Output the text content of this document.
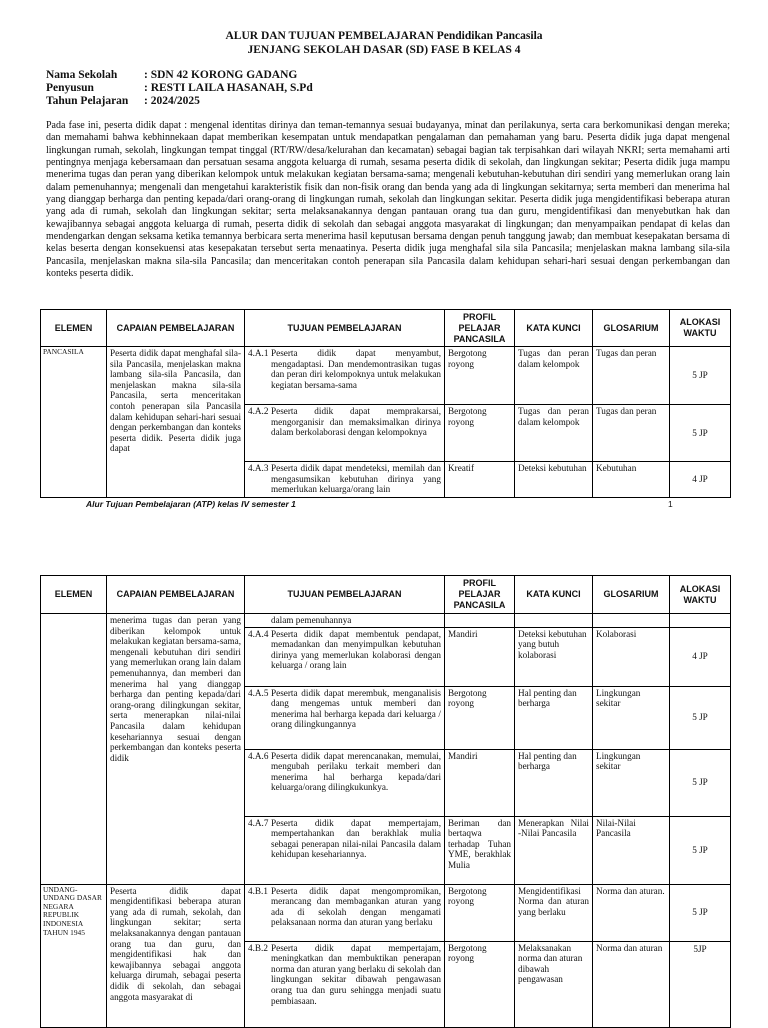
ALUR DAN TUJUAN PEMBELAJARAN Pendidikan Pancasila
JENJANG SEKOLAH DASAR (SD) FASE B KELAS 4
Nama Sekolah : SDN 42 KORONG GADANG
Penyusun	: RESTI LAILA HASANAH, S.Pd
Tahun Pelajaran : 2024/2025
Pada fase ini, peserta didik dapat : mengenal identitas dirinya dan teman-temannya sesuai budayanya, minat dan perilakunya, serta cara berkomunikasi dengan mereka; dan memahami bahwa kebhinnekaan dapat memberikan kesempatan untuk mendapatkan pengalaman dan pemahaman yang baru. Peserta didik juga dapat mengenal lingkungan rumah, sekolah, lingkungan tempat tinggal (RT/RW/desa/kelurahan dan kecamatan) sebagai bagian tak terpisahkan dari wilayah NKRI; serta memahami arti pentingnya menjaga kebersamaan dan persatuan sesama anggota keluarga di rumah, sesama peserta didik di sekolah, dan lingkungan sekitar; Peserta didik juga mampu menerima tugas dan peran yang diberikan kelompok untuk melakukan kegiatan bersama-sama; mengenali kebutuhan-kebutuhan diri sendiri yang memerlukan orang lain dalam pemenuhannya; mengenali dan mengetahui karakteristik fisik dan non-fisik orang dan benda yang ada di lingkungan sekitarnya; serta memberi dan menerima hal yang dianggap berharga dan penting kepada/dari orang-orang di lingkungan rumah, sekolah dan lingkungan sekitar. Peserta didik juga mengidentifikasi beberapa aturan yang ada di rumah, sekolah dan lingkungan sekitar; serta melaksanakannya dengan pantauan orang tua dan guru, mengidentifikasi dan menyebutkan hak dan kewajibannya sebagai anggota keluarga di rumah, peserta didik di sekolah dan sebagai anggota masyarakat di lingkungan; dan menyampaikan pendapat di kelas dan mendengarkan dengan seksama ketika temannya berbicara serta menerima hasil keputusan bersama dengan penuh tanggung jawab; dan membuat kesepakatan bersama di kelas beserta dengan konsekuensi atas kesepakatan tersebut serta menaatinya. Peserta didik juga menghafal sila sila Pancasila; menjelaskan makna lambang sila-sila Pancasila, menjelaskan makna sila-sila Pancasila; dan menceritakan contoh penerapan sila Pancasila dalam kehidupan sehari-hari sesuai dengan perkembangan dan konteks peserta didik.
ELEMEN	CAPAIAN PEMBELAJARAN	TUJUAN PEMBELAJARAN	PROFIL PELAJAR PANCASILA	KATA KUNCI	GLOSARIUM	ALOKASI WAKTU
PANCASILA	Peserta didik dapat menghafal sila-sila Pancasila, menjelaskan makna lambang sila-sila Pancasila, dan menjelaskan makna sila-sila Pancasila, serta menceritakan contoh penerapan sila Pancasila dalam kehidupan sehari-hari sesuai dengan perkembangan dan konteks peserta didik. Peserta didik juga dapat	4.A.1 Peserta didik dapat menyambut, mengadaptasi. Dan mendemontrasikan tugas dan peran diri kelompoknya untuk melakukan kegiatan bersama-sama	Bergotong royong	Tugas dan peran dalam kelompok	Tugas dan peran	5 JP

		4.A.2 Peserta didik dapat memprakarsai, mengorganisir dan memaksimalkan dirinya dalam berkolaborasi dengan kelompoknya	Bergotong royong	Tugas dan peran dalam kelompok	Tugas dan peran	5 JP

		4.A.3 Peserta didik dapat mendeteksi, memilah dan mengasumsikan kebutuhan dirinya yang memerlukan keluarga/orang lain	Kreatif	Deteksi kebutuhan	Kebutuhan	4 JP
Alur Tujuan Pembelajaran (ATP) kelas IV semester 1	1
ELEMEN	CAPAIAN PEMBELAJARAN	TUJUAN PEMBELAJARAN	PROFIL PELAJAR PANCASILA	KATA KUNCI	GLOSARIUM	ALOKASI WAKTU
	menerima tugas dan peran yang diberikan kelompok untuk melakukan kegiatan bersama-sama, mengenali kebutuhan diri sendiri yang memerlukan orang lain dalam pemenuhannya, dan memberi dan menerima hal yang dianggap berharga dan penting kepada/dari orang-orang dilingkungan sekitar, serta menerapkan nilai-nilai Pancasila dalam kehidupan kesehariannya sesuai dengan perkembangan dan konteks peserta didik	dalam pemenuhannya				

		4.A.4 Peserta didik dapat membentuk pendapat, memadankan dan menyimpulkan kebutuhan dirinya yang memerlukan kolaborasi dengan keluarga / orang lain	Mandiri	Deteksi kebutuhan yang butuh kolaborasi	Kolaborasi	4 JP

		4.A.5 Peserta didik dapat merembuk, menganalisis dang mengemas untuk memberi dan menerima hal berharga kepada dari keluarga / orang dilingkungannya	Bergotong royong	Hal penting dan berharga	Lingkungan sekitar	5 JP

		4.A.6 Peserta didik dapat merencanakan, memulai, mengubah perilaku terkait memberi dan menerima hal berharga kepada/dari keluarga/orang dilingkukunkya.	Mandiri	Hal penting dan berharga	Lingkungan sekitar	5 JP

		4.A.7 Peserta didik dapat mempertajam, mempertahankan dan berakhlak mulia sebagai penerapan nilai-nilai Pancasila dalam kehidupan kesehariannya.	Beriman dan bertaqwa terhadap Tuhan YME, berakhlak Mulia	Menerapkan Nilai -Nilai Pancasila	Nilai-Nilai Pancasila	5 JP
UNDANG-UNDANG DASAR NEGARA REPUBLIK INDONESIA TAHUN 1945	Peserta didik dapat mengidentifikasi beberapa aturan yang ada di rumah, sekolah, dan lingkungan sekitar; serta melaksanakannya dengan pantauan orang tua dan guru, dan mengidentifikasi hak dan kewajibannya sebagai anggota keluarga dirumah, sebagai peserta didik di sekolah, dan sebagai anggota masyarakat di	4.B.1 Peserta didik dapat mengompromikan, merancang dan membagankan aturan yang ada di sekolah dengan mengamati pelaksanaan norma dan aturan yang berlaku	Bergotong royong	Mengidentifikasi Norma dan aturan yang berlaku	Norma dan aturan.	5 JP

		4.B.2 Peserta didik dapat mempertajam, meningkatkan dan membuktikan penerapan norma dan aturan yang berlaku di sekolah dan lingkungan sekitar dibawah pengawasan orang tua dan guru sehingga menjadi suatu pembiasaan.	Bergotong royong	Melaksanakan norma dan aturan dibawah pengawasan	Norma dan aturan	5JP
